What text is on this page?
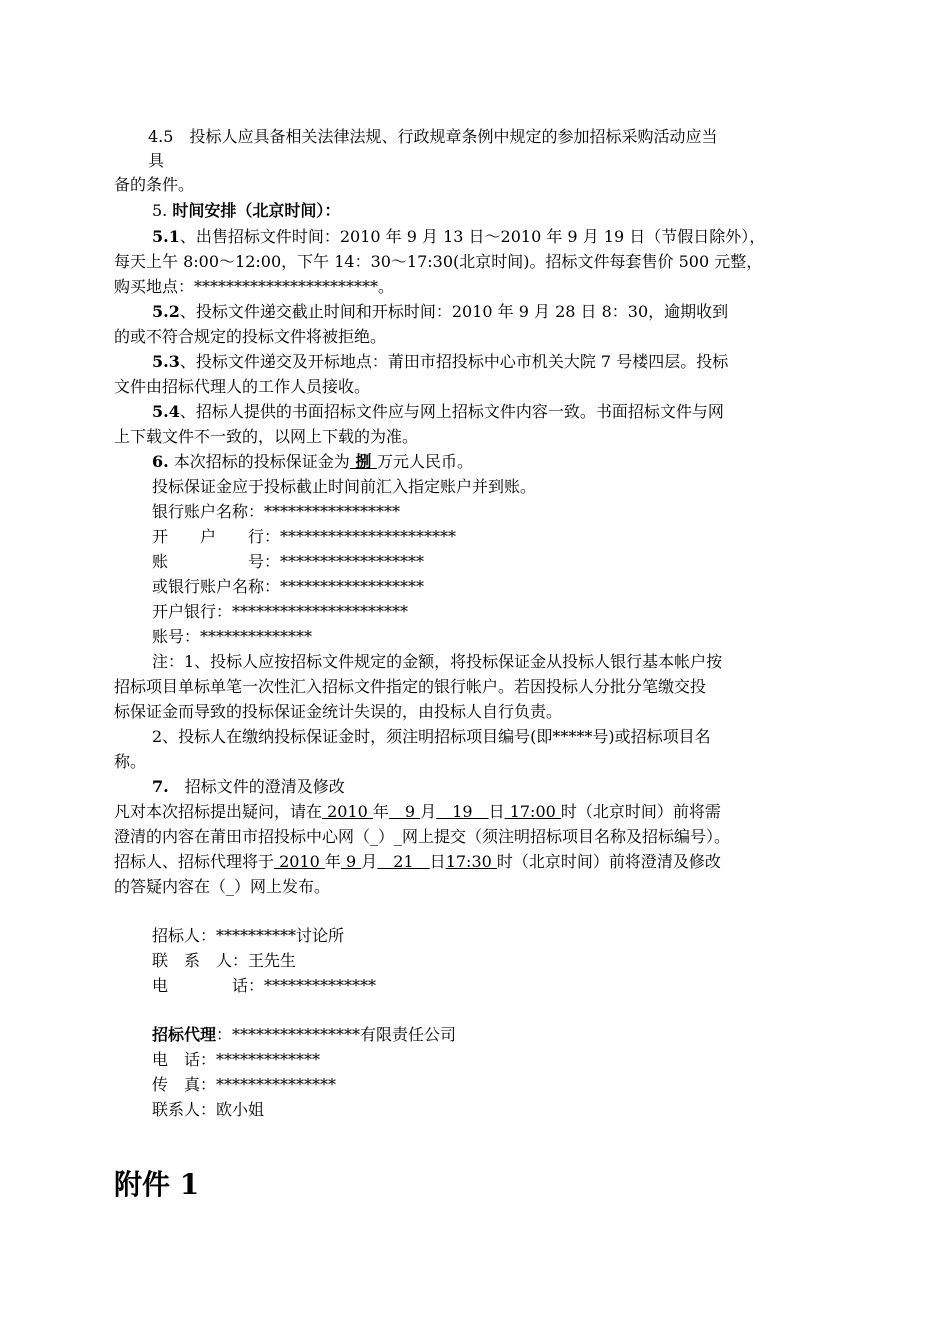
4.5　投标人应具备相关法律法规、行政规章条例中规定的参加招标采购活动应当
具
备的条件。
5. 时间安排（北京时间）：
5.1、出售招标文件时间：2010 年 9 月 13 日～2010 年 9 月 19 日（节假日除外），
每天上午 8:00～12:00，下午 14：30～17:30(北京时间)。招标文件每套售价 500 元整，
购买地点：***********************。
5.2、投标文件递交截止时间和开标时间：2010 年 9 月 28 日 8：30，逾期收到
的或不符合规定的投标文件将被拒绝。
5.3、投标文件递交及开标地点：莆田市招投标中心市机关大院 7 号楼四层。投标
文件由招标代理人的工作人员接收。
5.4、招标人提供的书面招标文件应与网上招标文件内容一致。书面招标文件与网
上下载文件不一致的，以网上下载的为准。
6. 本次招标的投标保证金为 捌 万元人民币。
投标保证金应于投标截止时间前汇入指定账户并到账。
银行账户名称：*****************
开　　户　　行：**********************
账　　　　　号：******************
或银行账户名称：******************
开户银行：**********************
账号：**************
注：1、投标人应按招标文件规定的金额，将投标保证金从投标人银行基本帐户按
招标项目单标单笔一次性汇入招标文件指定的银行帐户。若因投标人分批分笔缴交投
标保证金而导致的投标保证金统计失误的，由投标人自行负责。
2、投标人在缴纳投标保证金时，须注明招标项目编号(即*****号)或招标项目名
称。
7.　招标文件的澄清及修改
凡对本次招标提出疑问，请在 2010 年　9 月　19　日 17:00 时（北京时间）前将需
澄清的内容在莆田市招投标中心网（_）_网上提交（须注明招标项目名称及招标编号）。
招标人、招标代理将于 2010 年 9 月　21　日17:30 时（北京时间）前将澄清及修改
的答疑内容在（_）网上发布。
招标人：**********讨论所
联　系　人：王先生
电　　　　话：**************
招标代理：****************有限责任公司
电　话：*************
传　真：***************
联系人：欧小姐
附件 1
